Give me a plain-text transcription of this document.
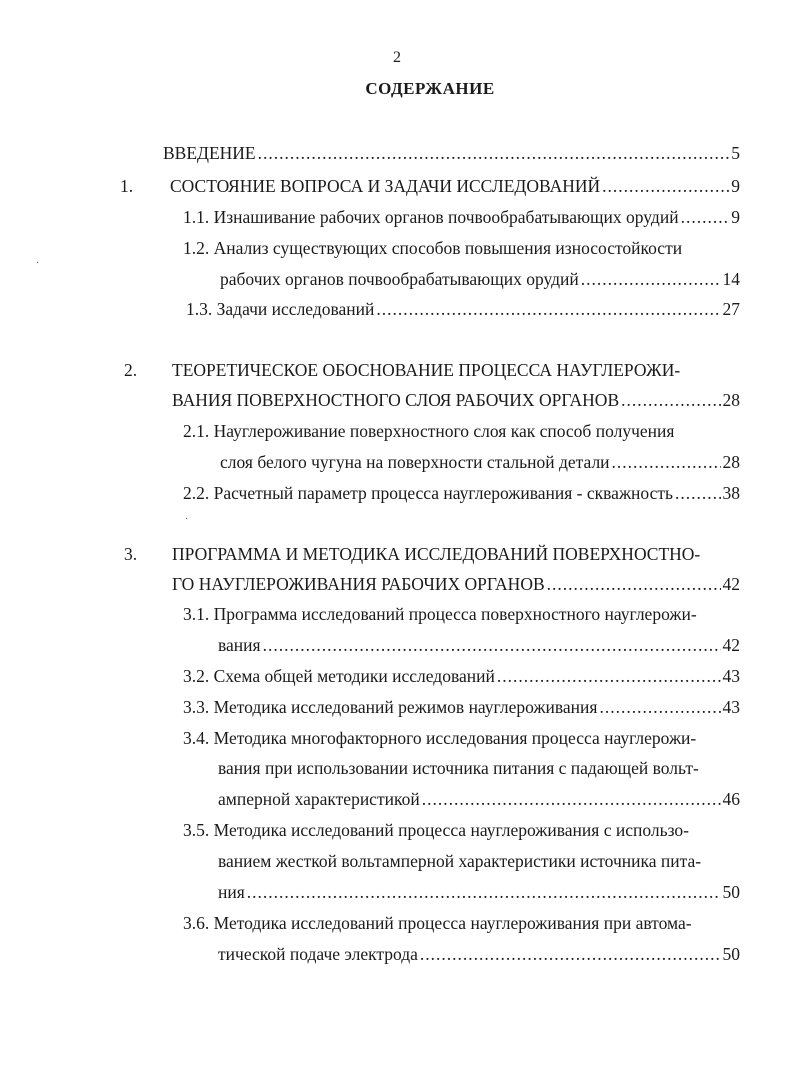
2
СОДЕРЖАНИЕ
ВВЕДЕНИЕ .....	5
1. СОСТОЯНИЕ ВОПРОСА И ЗАДАЧИ ИССЛЕДОВАНИЙ .....	9
1.1. Изнашивание рабочих органов почвообрабатывающих орудий .....	9
1.2. Анализ существующих способов повышения износостойкости
рабочих органов почвообрабатывающих орудий .....	14
1.3. Задачи исследований .....	27
2. ТЕОРЕТИЧЕСКОЕ ОБОСНОВАНИЕ ПРОЦЕССА НАУГЛЕРОЖИ-
ВАНИЯ ПОВЕРХНОСТНОГО СЛОЯ РАБОЧИХ ОРГАНОВ .....	28
2.1. Науглероживание поверхностного слоя как способ получения
слоя белого чугуна на поверхности стальной детали .....	28
2.2. Расчетный параметр процесса науглероживания - скважность .....	38
3. ПРОГРАММА И МЕТОДИКА ИССЛЕДОВАНИЙ ПОВЕРХНОСТНО-
ГО НАУГЛЕРОЖИВАНИЯ РАБОЧИХ ОРГАНОВ .....	42
3.1. Программа исследований процесса поверхностного науглерожи-
вания .....	42
3.2. Схема общей методики исследований .....	43
3.3. Методика исследований режимов науглероживания .....	43
3.4. Методика многофакторного исследования процесса науглерожи-
вания при использовании источника питания с падающей вольт-
амперной характеристикой .....	46
3.5. Методика исследований процесса науглероживания с использо-
ванием жесткой вольтамперной характеристики источника пита-
ния .....	50
3.6. Методика исследований процесса науглероживания при автома-
тической подаче электрода .....	50
·
·
